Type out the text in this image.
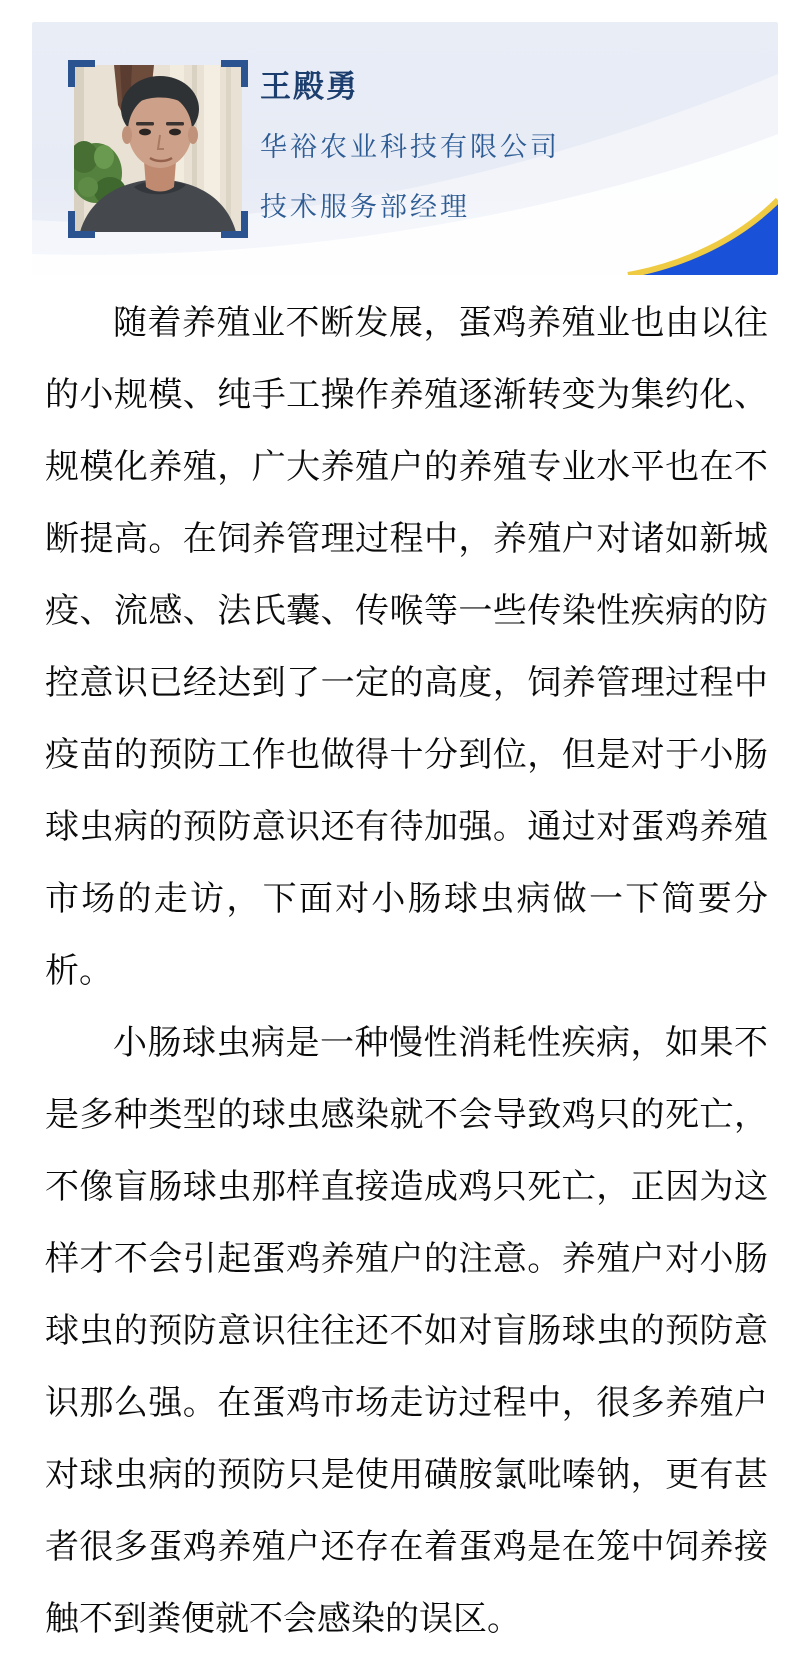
王殿勇
华裕农业科技有限公司
技术服务部经理

随着养殖业不断发展，蛋鸡养殖业也由以往的小规模、纯手工操作养殖逐渐转变为集约化、规模化养殖，广大养殖户的养殖专业水平也在不断提高。在饲养管理过程中，养殖户对诸如新城疫、流感、法氏囊、传喉等一些传染性疾病的防控意识已经达到了一定的高度，饲养管理过程中疫苗的预防工作也做得十分到位，但是对于小肠球虫病的预防意识还有待加强。通过对蛋鸡养殖市场的走访，下面对小肠球虫病做一下简要分析。

小肠球虫病是一种慢性消耗性疾病，如果不是多种类型的球虫感染就不会导致鸡只的死亡，不像盲肠球虫那样直接造成鸡只死亡，正因为这样才不会引起蛋鸡养殖户的注意。养殖户对小肠球虫的预防意识往往还不如对盲肠球虫的预防意识那么强。在蛋鸡市场走访过程中，很多养殖户对球虫病的预防只是使用磺胺氯吡嗪钠，更有甚者很多蛋鸡养殖户还存在着蛋鸡是在笼中饲养接触不到粪便就不会感染的误区。
